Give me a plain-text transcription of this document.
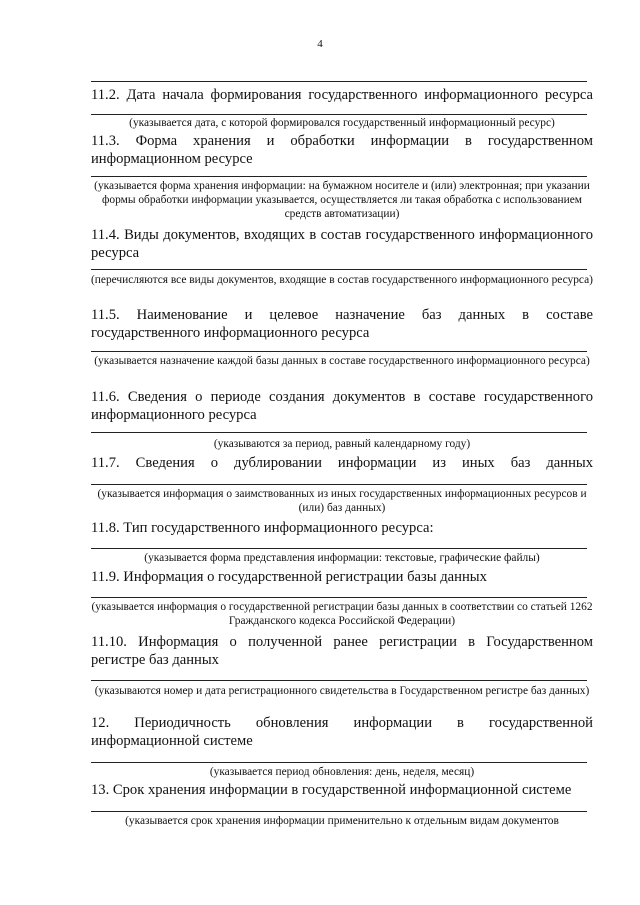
4
11.2. Дата начала формирования государственного информационного ресурса
(указывается дата, с которой формировался государственный информационный ресурс)
11.3. Форма хранения и обработки информации в государственном информационном ресурсе
(указывается форма хранения информации: на бумажном носителе и (или) электронная; при указании формы обработки информации указывается, осуществляется ли такая обработка с использованием средств автоматизации)
11.4. Виды документов, входящих в состав государственного информационного ресурса
(перечисляются все виды документов, входящие в состав государственного информационного ресурса)
11.5. Наименование и целевое назначение баз данных в составе государственного информационного ресурса
(указывается назначение каждой базы данных в составе государственного информационного ресурса)
11.6. Сведения о периоде создания документов в составе государственного информационного ресурса
(указываются за период, равный календарному году)
11.7. Сведения о дублировании информации из иных баз данных
(указывается информация о заимствованных из иных государственных информационных ресурсов и (или) баз данных)
11.8. Тип государственного информационного ресурса:
(указывается форма представления информации: текстовые, графические файлы)
11.9. Информация о государственной регистрации базы данных
(указывается информация о государственной регистрации базы данных в соответствии со статьей 1262 Гражданского кодекса Российской Федерации)
11.10. Информация о полученной ранее регистрации в Государственном регистре баз данных
(указываются номер и дата регистрационного свидетельства в Государственном регистре баз данных)
12. Периодичность обновления информации в государственной информационной системе
(указывается период обновления: день, неделя, месяц)
13. Срок хранения информации в государственной информационной системе
(указывается срок хранения информации применительно к отдельным видам документов
